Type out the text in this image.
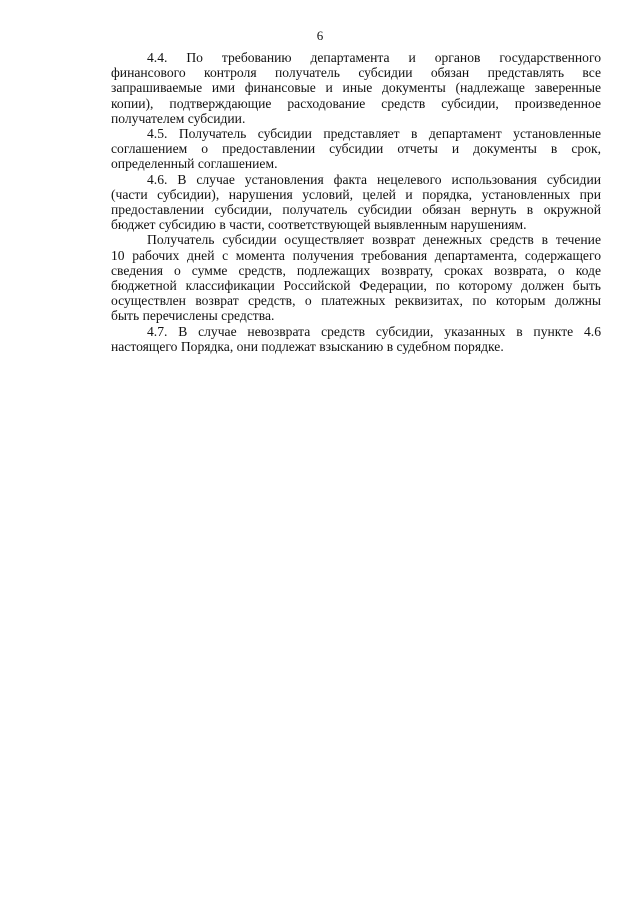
6
4.4. По требованию департамента и органов государственного
финансового контроля получатель субсидии обязан представлять все
запрашиваемые ими финансовые и иные документы (надлежаще заверенные
копии), подтверждающие расходование средств субсидии, произведенное
получателем субсидии.
4.5. Получатель субсидии представляет в департамент установленные
соглашением о предоставлении субсидии отчеты и документы в срок,
определенный соглашением.
4.6. В случае установления факта нецелевого использования субсидии
(части субсидии), нарушения условий, целей и порядка, установленных при
предоставлении субсидии, получатель субсидии обязан вернуть в окружной
бюджет субсидию в части, соответствующей выявленным нарушениям.
Получатель субсидии осуществляет возврат денежных средств в течение
10 рабочих дней с момента получения требования департамента, содержащего
сведения о сумме средств, подлежащих возврату, сроках возврата, о коде
бюджетной классификации Российской Федерации, по которому должен быть
осуществлен возврат средств, о платежных реквизитах, по которым должны
быть перечислены средства.
4.7. В случае невозврата средств субсидии, указанных в пункте 4.6
настоящего Порядка, они подлежат взысканию в судебном порядке.
